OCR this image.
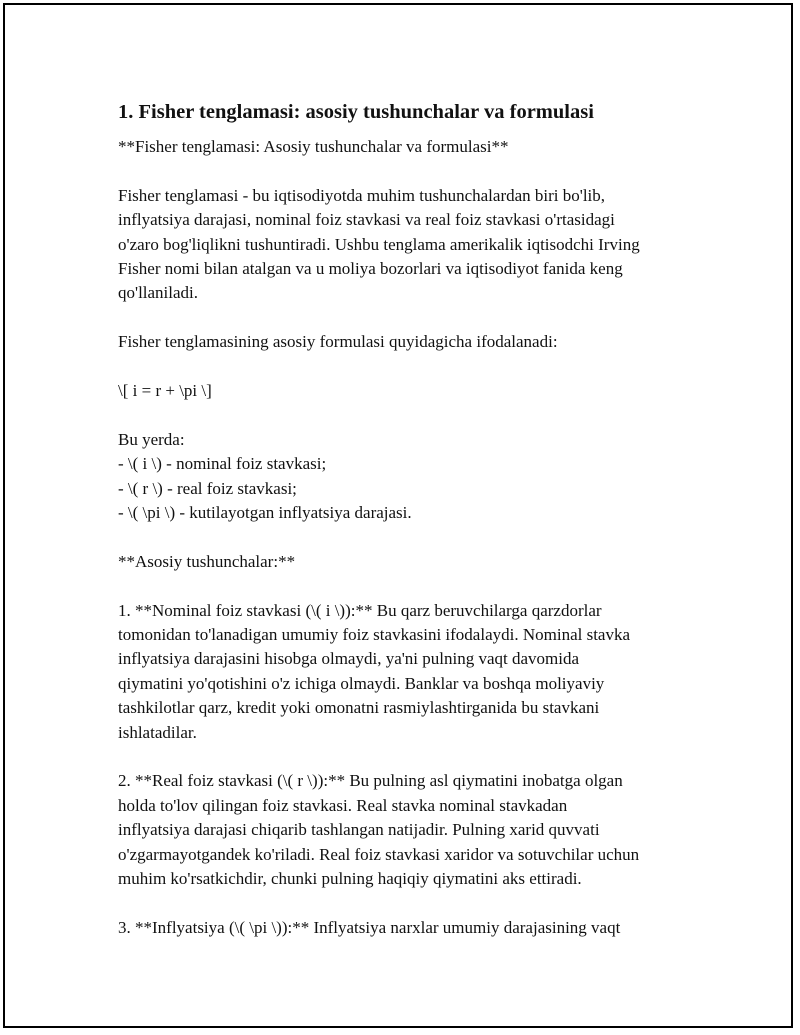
1. Fisher tenglamasi: asosiy tushunchalar va formulasi

**Fisher tenglamasi: Asosiy tushunchalar va formulasi**

Fisher tenglamasi - bu iqtisodiyotda muhim tushunchalardan biri bo'lib,
inflyatsiya darajasi, nominal foiz stavkasi va real foiz stavkasi o'rtasidagi
o'zaro bog'liqlikni tushuntiradi. Ushbu tenglama amerikalik iqtisodchi Irving
Fisher nomi bilan atalgan va u moliya bozorlari va iqtisodiyot fanida keng
qo'llaniladi.

Fisher tenglamasining asosiy formulasi quyidagicha ifodalanadi:

\[ i = r + \pi \]

Bu yerda:
- \( i \) - nominal foiz stavkasi;
- \( r \) - real foiz stavkasi;
- \( \pi \) - kutilayotgan inflyatsiya darajasi.

**Asosiy tushunchalar:**

1. **Nominal foiz stavkasi (\( i \)):** Bu qarz beruvchilarga qarzdorlar
tomonidan to'lanadigan umumiy foiz stavkasini ifodalaydi. Nominal stavka
inflyatsiya darajasini hisobga olmaydi, ya'ni pulning vaqt davomida
qiymatini yo'qotishini o'z ichiga olmaydi. Banklar va boshqa moliyaviy
tashkilotlar qarz, kredit yoki omonatni rasmiylashtirganida bu stavkani
ishlatadilar.

2. **Real foiz stavkasi (\( r \)):** Bu pulning asl qiymatini inobatga olgan
holda to'lov qilingan foiz stavkasi. Real stavka nominal stavkadan
inflyatsiya darajasi chiqarib tashlangan natijadir. Pulning xarid quvvati
o'zgarmayotgandek ko'riladi. Real foiz stavkasi xaridor va sotuvchilar uchun
muhim ko'rsatkichdir, chunki pulning haqiqiy qiymatini aks ettiradi.

3. **Inflyatsiya (\( \pi \)):** Inflyatsiya narxlar umumiy darajasining vaqt
